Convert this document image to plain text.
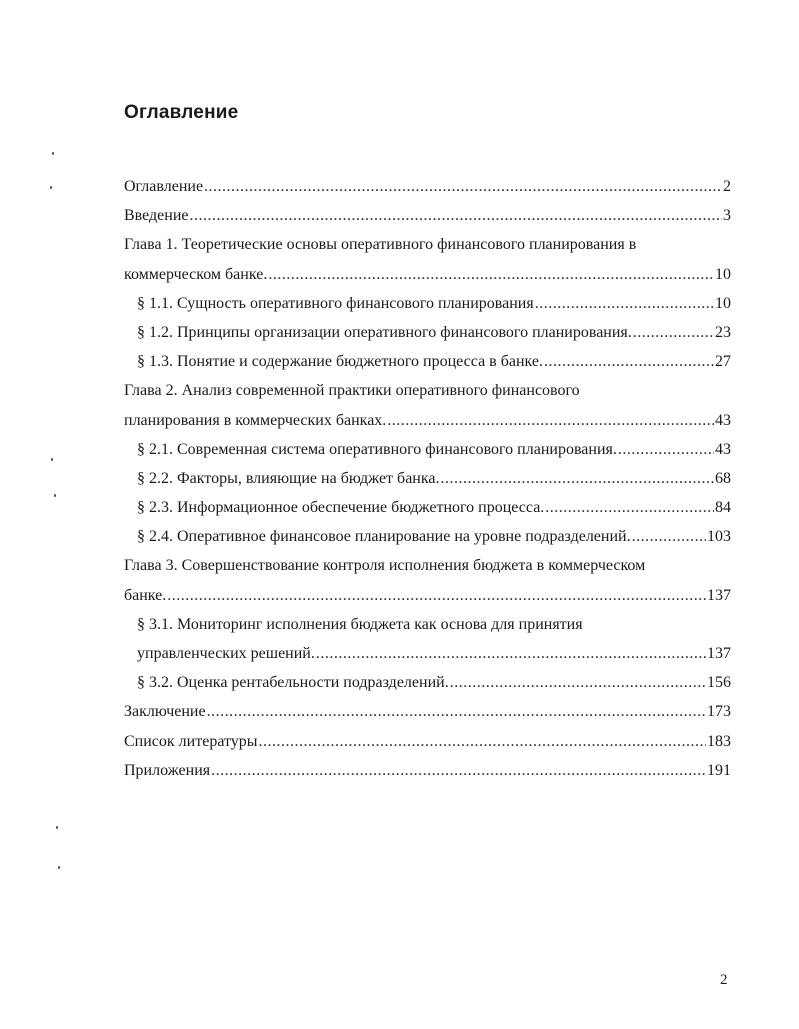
Оглавление
Оглавление .....	2
Введение .....	3
Глава 1. Теоретические основы оперативного финансового планирования в
коммерческом банке. .....	10
§ 1.1. Сущность оперативного финансового планирования .....	10
§ 1.2. Принципы организации оперативного финансового планирования. .....	23
§ 1.3. Понятие и содержание бюджетного процесса в банке. .....	27
Глава 2. Анализ современной практики оперативного финансового
планирования в коммерческих банках. .....	43
§ 2.1. Современная система оперативного финансового планирования. .....	43
§ 2.2. Факторы, влияющие на бюджет банка. .....	68
§ 2.3. Информационное обеспечение бюджетного процесса. .....	84
§ 2.4. Оперативное финансовое планирование на уровне подразделений. .....	103
Глава 3. Совершенствование контроля исполнения бюджета в коммерческом
банке. .....	137
§ 3.1. Мониторинг исполнения бюджета как основа для принятия
управленческих решений. .....	137
§ 3.2. Оценка рентабельности подразделений. .....	156
Заключение .....	173
Список литературы .....	183
Приложения .....	191
2
